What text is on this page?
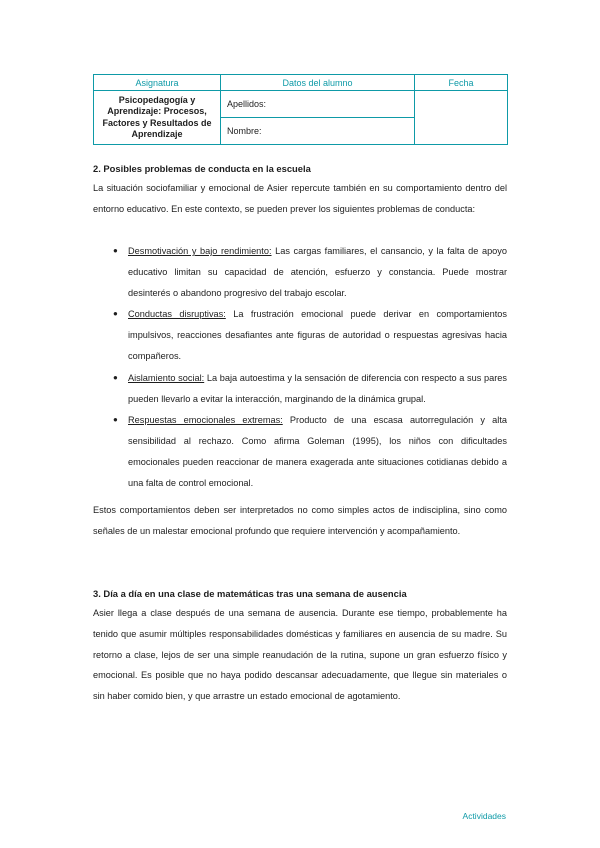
Asignatura	Datos del alumno	Fecha
Psicopedagogía y Aprendizaje: Procesos, Factores y Resultados de Aprendizaje	Apellidos:	
	Nombre:	
2. Posibles problemas de conducta en la escuela

La situación sociofamiliar y emocional de Asier repercute también en su comportamiento dentro del entorno educativo. En este contexto, se pueden prever los siguientes problemas de conducta:

● Desmotivación y bajo rendimiento: Las cargas familiares, el cansancio, y la falta de apoyo educativo limitan su capacidad de atención, esfuerzo y constancia. Puede mostrar desinterés o abandono progresivo del trabajo escolar.
● Conductas disruptivas: La frustración emocional puede derivar en comportamientos impulsivos, reacciones desafiantes ante figuras de autoridad o respuestas agresivas hacia compañeros.
● Aislamiento social: La baja autoestima y la sensación de diferencia con respecto a sus pares pueden llevarlo a evitar la interacción, marginando de la dinámica grupal.
● Respuestas emocionales extremas: Producto de una escasa autorregulación y alta sensibilidad al rechazo. Como afirma Goleman (1995), los niños con dificultades emocionales pueden reaccionar de manera exagerada ante situaciones cotidianas debido a una falta de control emocional.

Estos comportamientos deben ser interpretados no como simples actos de indisciplina, sino como señales de un malestar emocional profundo que requiere intervención y acompañamiento.

3. Día a día en una clase de matemáticas tras una semana de ausencia

Asier llega a clase después de una semana de ausencia. Durante ese tiempo, probablemente ha tenido que asumir múltiples responsabilidades domésticas y familiares en ausencia de su madre. Su retorno a clase, lejos de ser una simple reanudación de la rutina, supone un gran esfuerzo físico y emocional. Es posible que no haya podido descansar adecuadamente, que llegue sin materiales o sin haber comido bien, y que arrastre un estado emocional de agotamiento.

Actividades
